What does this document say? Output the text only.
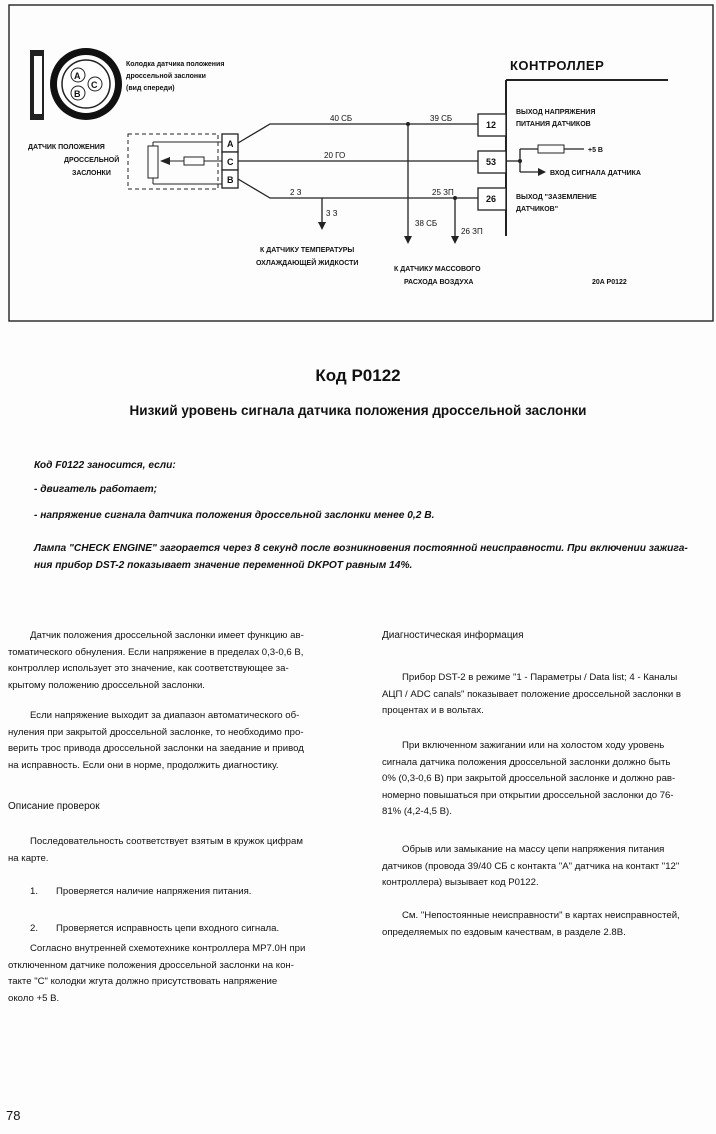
A
B
C
Колодка датчика положения
дроссельной заслонки
(вид спереди)
ДАТЧИК ПОЛОЖЕНИЯ
ДРОССЕЛЬНОЙ
ЗАСЛОНКИ
A
C
B
40 СБ	39 СБ
20 ГО
2 З	25 ЗП
3 З
38 СБ
26 ЗП
КОНТРОЛЛЕР
12
53
26
ВЫХОД НАПРЯЖЕНИЯ
ПИТАНИЯ ДАТЧИКОВ
+5 В
ВХОД СИГНАЛА ДАТЧИКА
ВЫХОД "ЗАЗЕМЛЕНИЕ
ДАТЧИКОВ"
К ДАТЧИКУ ТЕМПЕРАТУРЫ
ОХЛАЖДАЮЩЕЙ ЖИДКОСТИ
К ДАТЧИКУ МАССОВОГО
РАСХОДА ВОЗДУХА	20A P0122
Код P0122
Низкий уровень сигнала датчика положения дроссельной заслонки
Код F0122 заносится, если:
- двигатель работает;
- напряжение сигнала датчика положения дроссельной заслонки менее 0,2 В.
Лампа "CHECK ENGINE" загорается через 8 секунд после возникновения постоянной неисправности. При включении зажига-
ния прибор DST-2 показывает значение переменной DKPOT равным 14%.

Датчик положения дроссельной заслонки имеет функцию ав-

томатического обнуления. Если напряжение в пределах 0,3-0,6 В,

контроллер использует это значение, как соответствующее за-

крытому положению дроссельной заслонки.

Если напряжение выходит за диапазон автоматического об-

нуления при закрытой дроссельной заслонке, то необходимо про-

верить трос привода дроссельной заслонки на заедание и привод

на исправность. Если они в норме, продолжить диагностику.

Описание проверок

Последовательность соответствует взятым в кружок цифрам

на карте.

1. Проверяется наличие напряжения питания.
2. Проверяется исправность цепи входного сигнала.

Согласно внутренней схемотехнике контроллера MP7.0H при

отключенном датчике положения дроссельной заслонки на кон-

такте "С" колодки жгута должно присутствовать напряжение

около +5 В.

Диагностическая информация

Прибор DST-2 в режиме "1 - Параметры / Data list; 4 - Каналы

АЦП / ADC canals" показывает положение дроссельной заслонки в

процентах и в вольтах.

При включенном зажигании или на холостом ходу уровень

сигнала датчика положения дроссельной заслонки должно быть

0% (0,3-0,6 В) при закрытой дроссельной заслонке и должно рав-

номерно повышаться при открытии дроссельной заслонки до 76-

81% (4,2-4,5 В).

Обрыв или замыкание на массу цепи напряжения питания

датчиков (провода 39/40 СБ с контакта "А" датчика на контакт "12"

контроллера) вызывает код P0122.

См. "Непостоянные неисправности" в картах неисправностей,

определяемых по ездовым качествам, в разделе 2.8В.

78
